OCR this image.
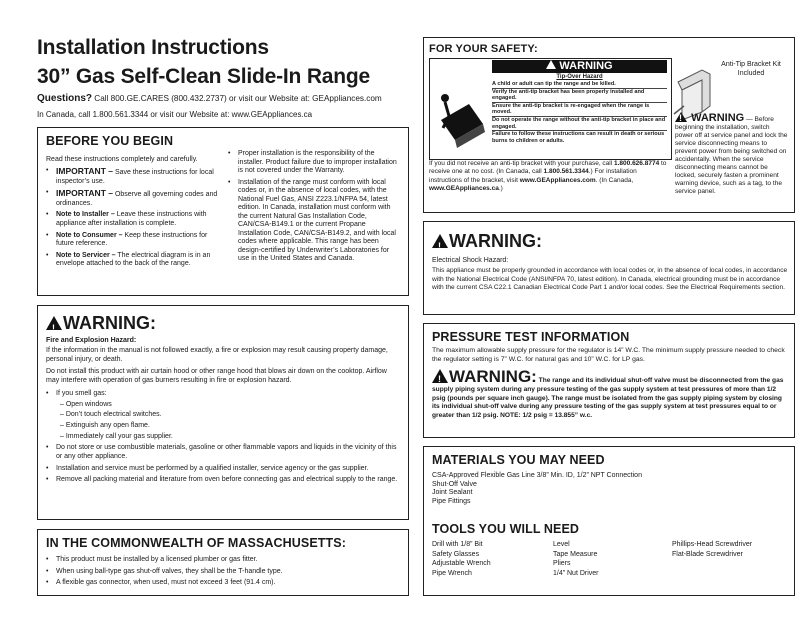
Installation Instructions
30” Gas Self-Clean Slide-In Range
Questions? Call 800.GE.CARES (800.432.2737) or visit our Website at: GEAppliances.com
In Canada, call 1.800.561.3344 or visit our Website at: www.GEAppliances.ca
BEFORE YOU BEGIN
Read these instructions completely and carefully.
• IMPORTANT – Save these instructions for local inspector’s use.
• IMPORTANT – Observe all governing codes and ordinances.
• Note to Installer – Leave these instructions with appliance after installation is complete.
• Note to Consumer – Keep these instructions for future reference.
• Note to Servicer – The electrical diagram is in an envelope attached to the back of the range.
• Proper installation is the responsibility of the installer. Product failure due to improper installation is not covered under the Warranty.
• Installation of the range must conform with local codes or, in the absence of local codes, with the National Fuel Gas, ANSI Z223.1/NFPA 54, latest edition. In Canada, installation must conform with the current Natural Gas Installation Code, CAN/CSA-B149.1 or the current Propane Installation Code, CAN/CSA-B149.2, and with local codes where applicable. This range has been design-certified by Underwriter’s Laboratories for use in the United States and Canada.
!WARNING:
Fire and Explosion Hazard:
If the information in the manual is not followed exactly, a fire or explosion may result causing property damage, personal injury, or death.
Do not install this product with air curtain hood or other range hood that blows air down on the cooktop. Airflow may interfere with operation of gas burners resulting in fire or explosion hazard.
• If you smell gas:
– Open windows
– Don’t touch electrical switches.
– Extinguish any open flame.
– Immediately call your gas supplier.
• Do not store or use combustible materials, gasoline or other flammable vapors and liquids in the vicinity of this or any other appliance.
• Installation and service must be performed by a qualified installer, service agency or the gas supplier.
• Remove all packing material and literature from oven before connecting gas and electrical supply to the range.
IN THE COMMONWEALTH OF MASSACHUSETTS:
• This product must be installed by a licensed plumber or gas fitter.
• When using ball-type gas shut-off valves, they shall be the T-handle type.
• A flexible gas connector, when used, must not exceed 3 feet (91.4 cm).
FOR YOUR SAFETY:
WARNING
Tip-Over Hazard
A child or adult can tip the range and be killed.
Verify the anti-tip bracket has been properly installed and engaged.
Ensure the anti-tip bracket is re-engaged when the range is moved.
Do not operate the range without the anti-tip bracket in place and engaged.
Failure to follow these instructions can result in death or serious burns to children or adults.
Anti-Tip Bracket Kit Included
! WARNING — Before beginning the installation, switch power off at service panel and lock the service disconnecting means to prevent power from being switched on accidentally. When the service disconnecting means cannot be locked, securely fasten a prominent warning device, such as a tag, to the service panel.
If you did not receive an anti-tip bracket with your purchase, call 1.800.626.8774 to receive one at no cost. (In Canada, call 1.800.561.3344.) For installation instructions of the bracket, visit www.GEAppliances.com. (In Canada, www.GEAppliances.ca.)
!WARNING:
Electrical Shock Hazard:
This appliance must be properly grounded in accordance with local codes or, in the absence of local codes, in accordance with the National Electrical Code (ANSI/NFPA 70, latest edition). In Canada, electrical grounding must be in accordance with the current CSA C22.1 Canadian Electrical Code Part 1 and/or local codes. See the Electrical Requirements section.
PRESSURE TEST INFORMATION
The maximum allowable supply pressure for the regulator is 14” W.C. The minimum supply pressure needed to check the regulator setting is 7” W.C. for natural gas and 10” W.C. for LP gas.
!WARNING: The range and its individual shut-off valve must be disconnected from the gas supply piping system during any pressure testing of the gas supply system at test pressures of more than 1/2 psig (pounds per square inch gauge). The range must be isolated from the gas supply piping system by closing its individual shut-off valve during any pressure testing of the gas supply system at test pressures equal to or greater than 1/2 psig. NOTE: 1/2 psig = 13.855” w.c.
MATERIALS YOU MAY NEED
CSA-Approved Flexible Gas Line 3/8” Min. ID, 1/2” NPT Connection
Shut-Off Valve
Joint Sealant
Pipe Fittings
TOOLS YOU WILL NEED
Drill with 1/8” Bit
Safety Glasses
Adjustable Wrench
Pipe Wrench
Level
Tape Measure
Pliers
1/4” Nut Driver
Phillips-Head Screwdriver
Flat-Blade Screwdriver
